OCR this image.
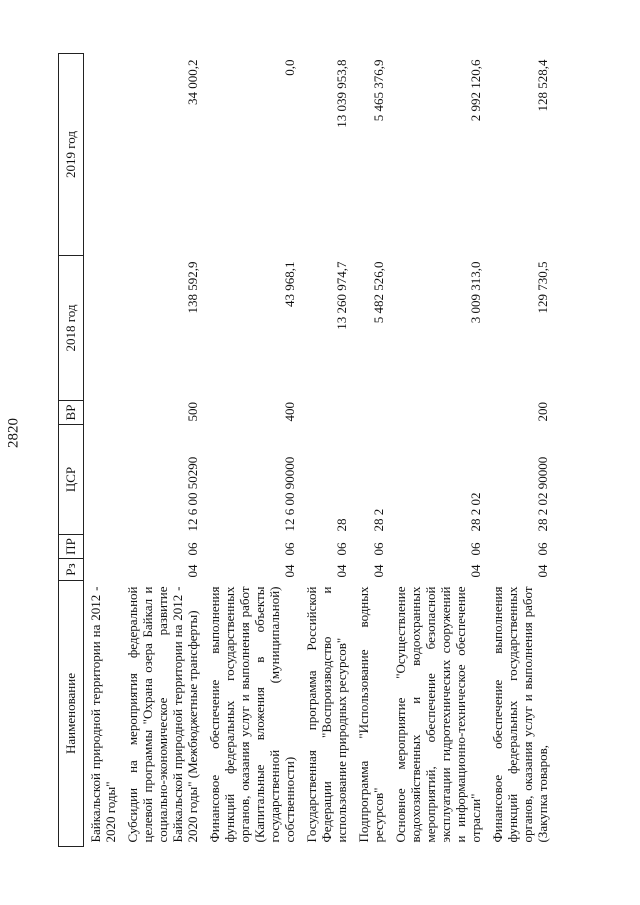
2820
Наименование	Рз	ПР	ЦСР	ВР	2018 год	2019 год
Байкальской природной территории на 2012 - 2020 годы"						
Субсидии на мероприятия федеральной целевой программы "Охрана озера Байкал и социально-экономическое развитие Байкальской природной территории на 2012 - 2020 годы" (Межбюджетные трансферты)	04	06	12 6 00 50290	500	138 592,9	34 000,2
Финансовое обеспечение выполнения функций федеральных государственных органов, оказания услуг и выполнения работ (Капитальные вложения в объекты государственной (муниципальной) собственности)	04	06	12 6 00 90000	400	43 968,1	0,0
Государственная программа Российской Федерации "Воспроизводство и использование природных ресурсов"	04	06	28		13 260 974,7	13 039 953,8
Подпрограмма "Использование водных ресурсов"	04	06	28 2		5 482 526,0	5 465 376,9
Основное мероприятие "Осуществление водохозяйственных и водоохранных мероприятий, обеспечение безопасной эксплуатации гидротехнических сооружений и информационно-техническое обеспечение отрасли"	04	06	28 2 02		3 009 313,0	2 992 120,6
Финансовое обеспечение выполнения функций федеральных государственных органов, оказания услуг и выполнения работ (Закупка товаров,	04	06	28 2 02 90000	200	129 730,5	128 528,4
